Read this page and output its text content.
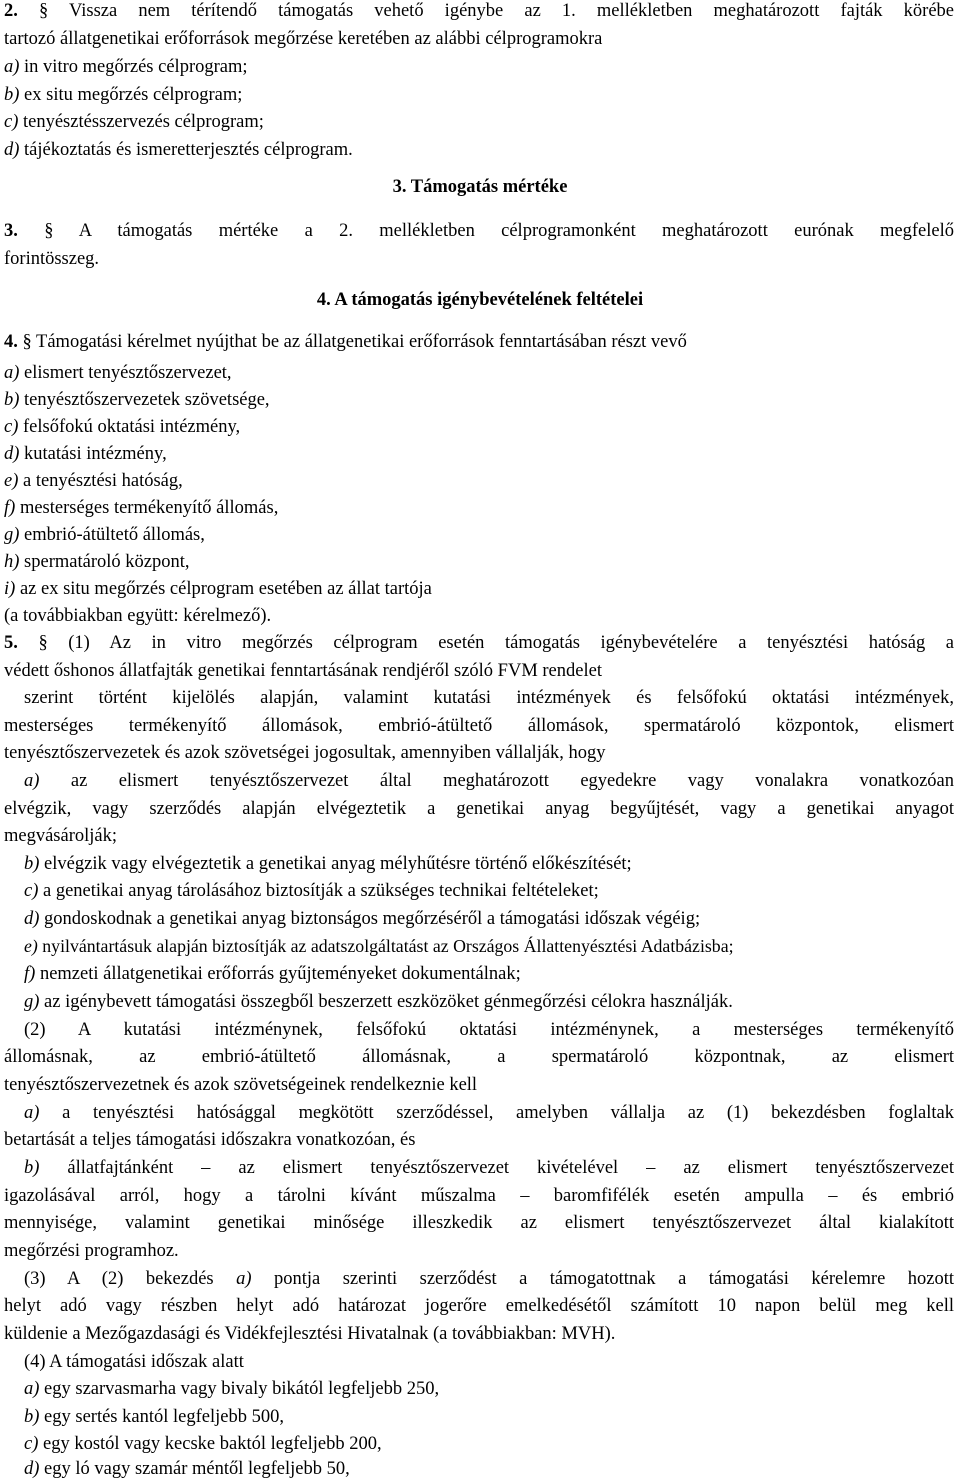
2. § Vissza nem térítendő támogatás vehető igénybe az 1. mellékletben meghatározott fajták körébe
tartozó állatgenetikai erőforrások megőrzése keretében az alábbi célprogramokra
a) in vitro megőrzés célprogram;
b) ex situ megőrzés célprogram;
c) tenyésztésszervezés célprogram;
d) tájékoztatás és ismeretterjesztés célprogram.
3. Támogatás mértéke
3. § A támogatás mértéke a 2. mellékletben célprogramonként meghatározott eurónak megfelelő
forintösszeg.
4. A támogatás igénybevételének feltételei
4. § Támogatási kérelmet nyújthat be az állatgenetikai erőforrások fenntartásában részt vevő
a) elismert tenyésztőszervezet,
b) tenyésztőszervezetek szövetsége,
c) felsőfokú oktatási intézmény,
d) kutatási intézmény,
e) a tenyésztési hatóság,
f) mesterséges termékenyítő állomás,
g) embrió-átültető állomás,
h) spermatároló központ,
i) az ex situ megőrzés célprogram esetében az állat tartója
(a továbbiakban együtt: kérelmező).
5. § (1) Az in vitro megőrzés célprogram esetén támogatás igénybevételére a tenyésztési hatóság a
védett őshonos állatfajták genetikai fenntartásának rendjéről szóló FVM rendelet
szerint történt kijelölés alapján, valamint kutatási intézmények és felsőfokú oktatási intézmények,
mesterséges termékenyítő állomások, embrió-átültető állomások, spermatároló központok, elismert
tenyésztőszervezetek és azok szövetségei jogosultak, amennyiben vállalják, hogy
a) az elismert tenyésztőszervezet által meghatározott egyedekre vagy vonalakra vonatkozóan
elvégzik, vagy szerződés alapján elvégeztetik a genetikai anyag begyűjtését, vagy a genetikai anyagot
megvásárolják;
b) elvégzik vagy elvégeztetik a genetikai anyag mélyhűtésre történő előkészítését;
c) a genetikai anyag tárolásához biztosítják a szükséges technikai feltételeket;
d) gondoskodnak a genetikai anyag biztonságos megőrzéséről a támogatási időszak végéig;
e) nyilvántartásuk alapján biztosítják az adatszolgáltatást az Országos Állattenyésztési Adatbázisba;
f) nemzeti állatgenetikai erőforrás gyűjteményeket dokumentálnak;
g) az igénybevett támogatási összegből beszerzett eszközöket génmegőrzési célokra használják.
(2) A kutatási intézménynek, felsőfokú oktatási intézménynek, a mesterséges termékenyítő
állomásnak, az embrió-átültető állomásnak, a spermatároló központnak, az elismert
tenyésztőszervezetnek és azok szövetségeinek rendelkeznie kell
a) a tenyésztési hatósággal megkötött szerződéssel, amelyben vállalja az (1) bekezdésben foglaltak
betartását a teljes támogatási időszakra vonatkozóan, és
b) állatfajtánként – az elismert tenyésztőszervezet kivételével – az elismert tenyésztőszervezet
igazolásával arról, hogy a tárolni kívánt műszalma – baromfifélék esetén ampulla – és embrió
mennyisége, valamint genetikai minősége illeszkedik az elismert tenyésztőszervezet által kialakított
megőrzési programhoz.
(3) A (2) bekezdés a) pontja szerinti szerződést a támogatottnak a támogatási kérelemre hozott
helyt adó vagy részben helyt adó határozat jogerőre emelkedésétől számított 10 napon belül meg kell
küldenie a Mezőgazdasági és Vidékfejlesztési Hivatalnak (a továbbiakban: MVH).
(4) A támogatási időszak alatt
a) egy szarvasmarha vagy bivaly bikától legfeljebb 250,
b) egy sertés kantól legfeljebb 500,
c) egy kostól vagy kecske baktól legfeljebb 200,
d) egy ló vagy szamár méntől legfeljebb 50,
